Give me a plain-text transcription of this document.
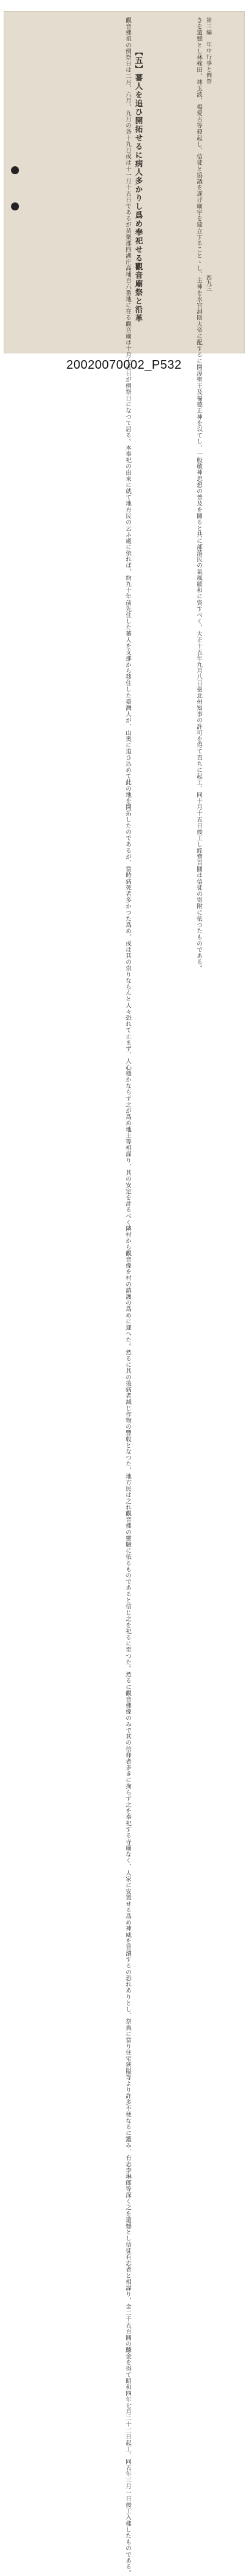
第三編　年中行事と例祭
四九三
きを遺憾とし林稼田、林玉波、楊愛古等發起し、信徒と協議を遂げ廟宇を建立することゝし、主神を水官洞陰大帝に配するに開漳聖王及福德正神を以てし、一般敬神思想の普及を圖ると共に部落民の氣風緩和に資すべく、大正十五年九月八日臺北州知事の許可を得て直ちに起工、同十月十五日竣工し經費百圓は信徒の寄附に依つたものである。
【五】蕃人を追ひ開拓せるに病人多かりし爲め奉祀せる觀音廟祭と沿革
觀音佛祖の例祭日は二月、六月、九月の各十九日或は十一月十五日であるが苗栗郡四湖庄高埔百六番地に在る觀音廟は十月十五日が例祭日になつて居る。本奉祀の由來に就て地方民の云ふ處に依れば、約九十年前先住した蕃人を支那から移住した臺灣人が、山奥に追ひ込めて此の地を開拓したのであるが、當時病死者多かつた爲め、或は其の祟りならんと人々恐れて止まず、人心穩かならず之が爲め地主等相謀り、其の安定を計るべく隣村から觀音像を村の鎮護の爲めに迎へた。然るに其の後病者減じ作物の豐收となつた、地方民は之れ觀音佛の靈驗に依るものであると信じ之を祀るに至つた。然るに觀音佛像のみで其の信仰者多きに拘らず之を奉祀する寺廟なく、人家に安置せる爲め神威を冒瀆するの恐れありとし、祭典に當り住宅狹隘等より許多不便なるに鑑み、有志李琳郎等深く之を遺憾とし信徒有志者と相謀り、金二千五百圓の醵金を得て昭和四年七月二十二日起工、同五年三月一日竣工入佛したものである。
20020070002_P532
